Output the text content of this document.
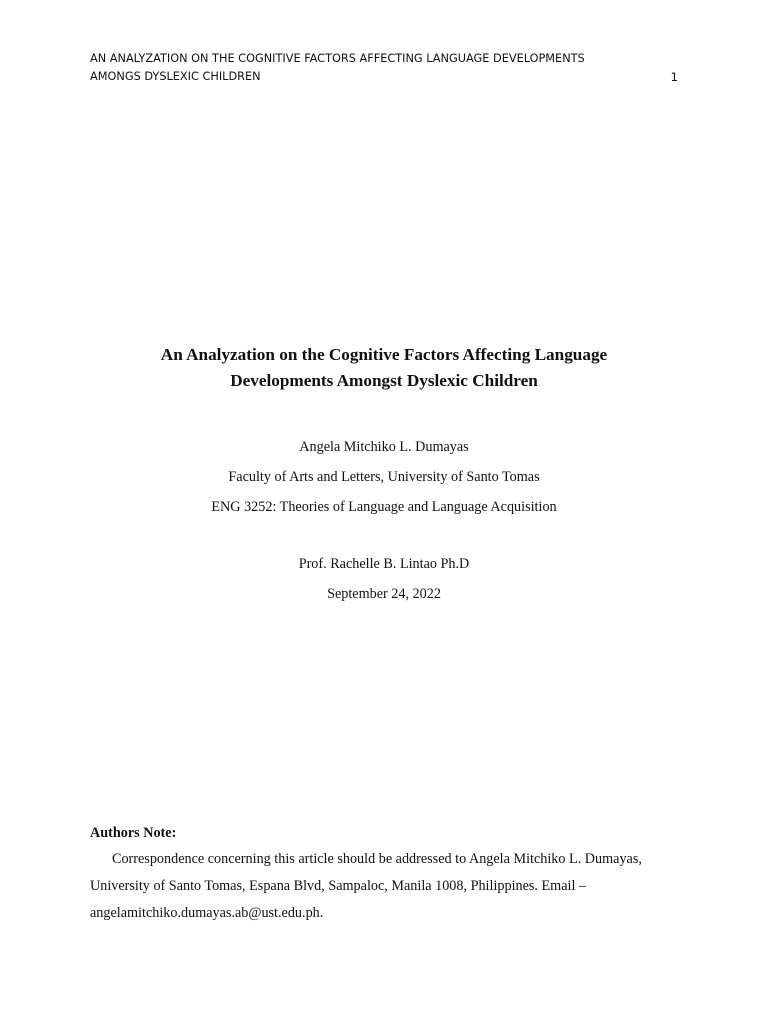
AN ANALYZATION ON THE COGNITIVE FACTORS AFFECTING LANGUAGE DEVELOPMENTS
AMONGS DYSLEXIC CHILDREN	1
An Analyzation on the Cognitive Factors Affecting Language
Developments Amongst Dyslexic Children
Angela Mitchiko L. Dumayas
Faculty of Arts and Letters, University of Santo Tomas
ENG 3252: Theories of Language and Language Acquisition
Prof. Rachelle B. Lintao Ph.D
September 24, 2022
Authors Note:
Correspondence concerning this article should be addressed to Angela Mitchiko L. Dumayas,
University of Santo Tomas, Espana Blvd, Sampaloc, Manila 1008, Philippines. Email –
angelamitchiko.dumayas.ab@ust.edu.ph.
